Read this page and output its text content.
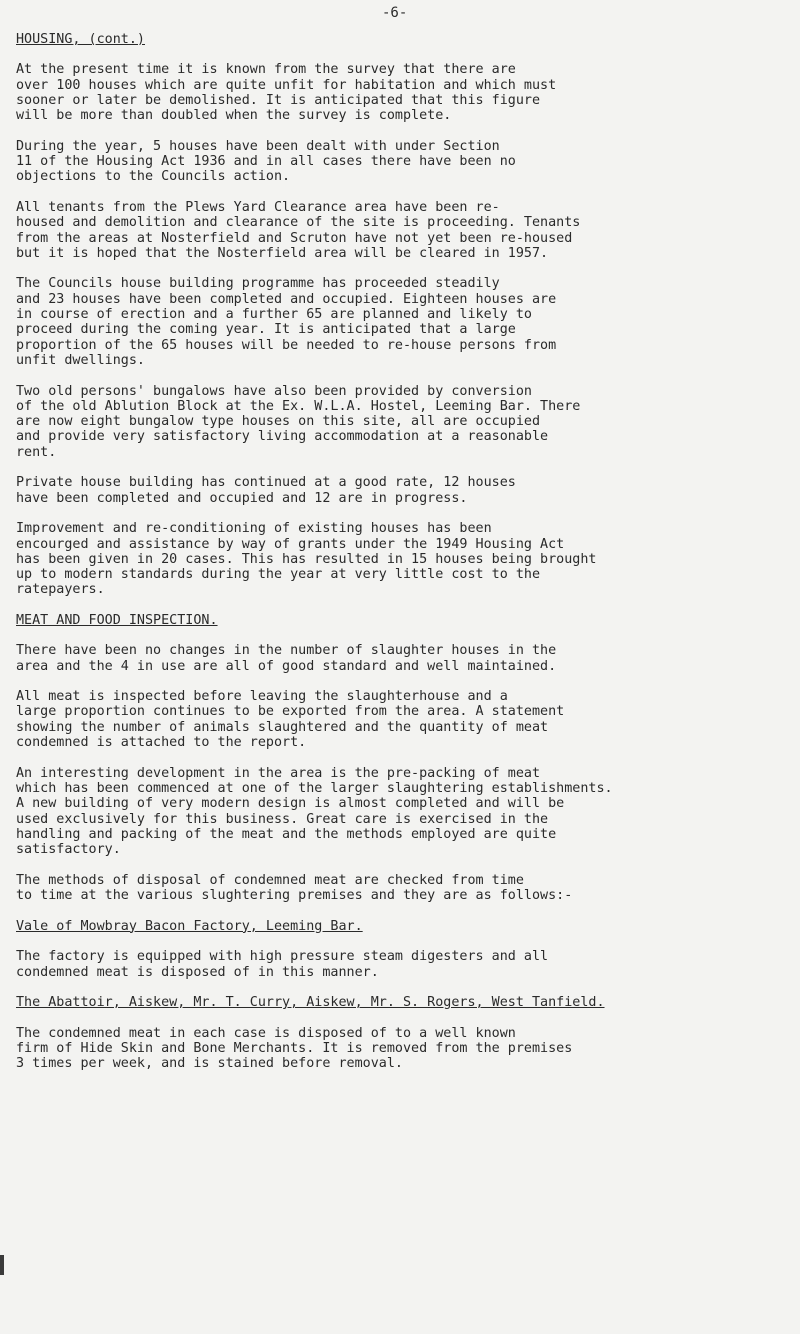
-6-
HOUSING, (cont.)

At the present time it is known from the survey that there are
over 100 houses which are quite unfit for habitation and which must
sooner or later be demolished. It is anticipated that this figure
will be more than doubled when the survey is complete.

During the year, 5 houses have been dealt with under Section
11 of the Housing Act 1936 and in all cases there have been no
objections to the Councils action.

All tenants from the Plews Yard Clearance area have been re-
housed and demolition and clearance of the site is proceeding. Tenants
from the areas at Nosterfield and Scruton have not yet been re-housed
but it is hoped that the Nosterfield area will be cleared in 1957.

The Councils house building programme has proceeded steadily
and 23 houses have been completed and occupied. Eighteen houses are
in course of erection and a further 65 are planned and likely to
proceed during the coming year. It is anticipated that a large
proportion of the 65 houses will be needed to re-house persons from
unfit dwellings.

Two old persons' bungalows have also been provided by conversion
of the old Ablution Block at the Ex. W.L.A. Hostel, Leeming Bar. There
are now eight bungalow type houses on this site, all are occupied
and provide very satisfactory living accommodation at a reasonable
rent.

Private house building has continued at a good rate, 12 houses
have been completed and occupied and 12 are in progress.

Improvement and re-conditioning of existing houses has been
encourged and assistance by way of grants under the 1949 Housing Act
has been given in 20 cases. This has resulted in 15 houses being brought
up to modern standards during the year at very little cost to the
ratepayers.

MEAT AND FOOD INSPECTION.

There have been no changes in the number of slaughter houses in the
area and the 4 in use are all of good standard and well maintained.

All meat is inspected before leaving the slaughterhouse and a
large proportion continues to be exported from the area. A statement
showing the number of animals slaughtered and the quantity of meat
condemned is attached to the report.

An interesting development in the area is the pre-packing of meat
which has been commenced at one of the larger slaughtering establishments.
A new building of very modern design is almost completed and will be
used exclusively for this business. Great care is exercised in the
handling and packing of the meat and the methods employed are quite
satisfactory.

The methods of disposal of condemned meat are checked from time
to time at the various slughtering premises and they are as follows:-

Vale of Mowbray Bacon Factory, Leeming Bar.

The factory is equipped with high pressure steam digesters and all
condemned meat is disposed of in this manner.

The Abattoir, Aiskew, Mr. T. Curry, Aiskew, Mr. S. Rogers, West Tanfield.

The condemned meat in each case is disposed of to a well known
firm of Hide Skin and Bone Merchants. It is removed from the premises
3 times per week, and is stained before removal.
